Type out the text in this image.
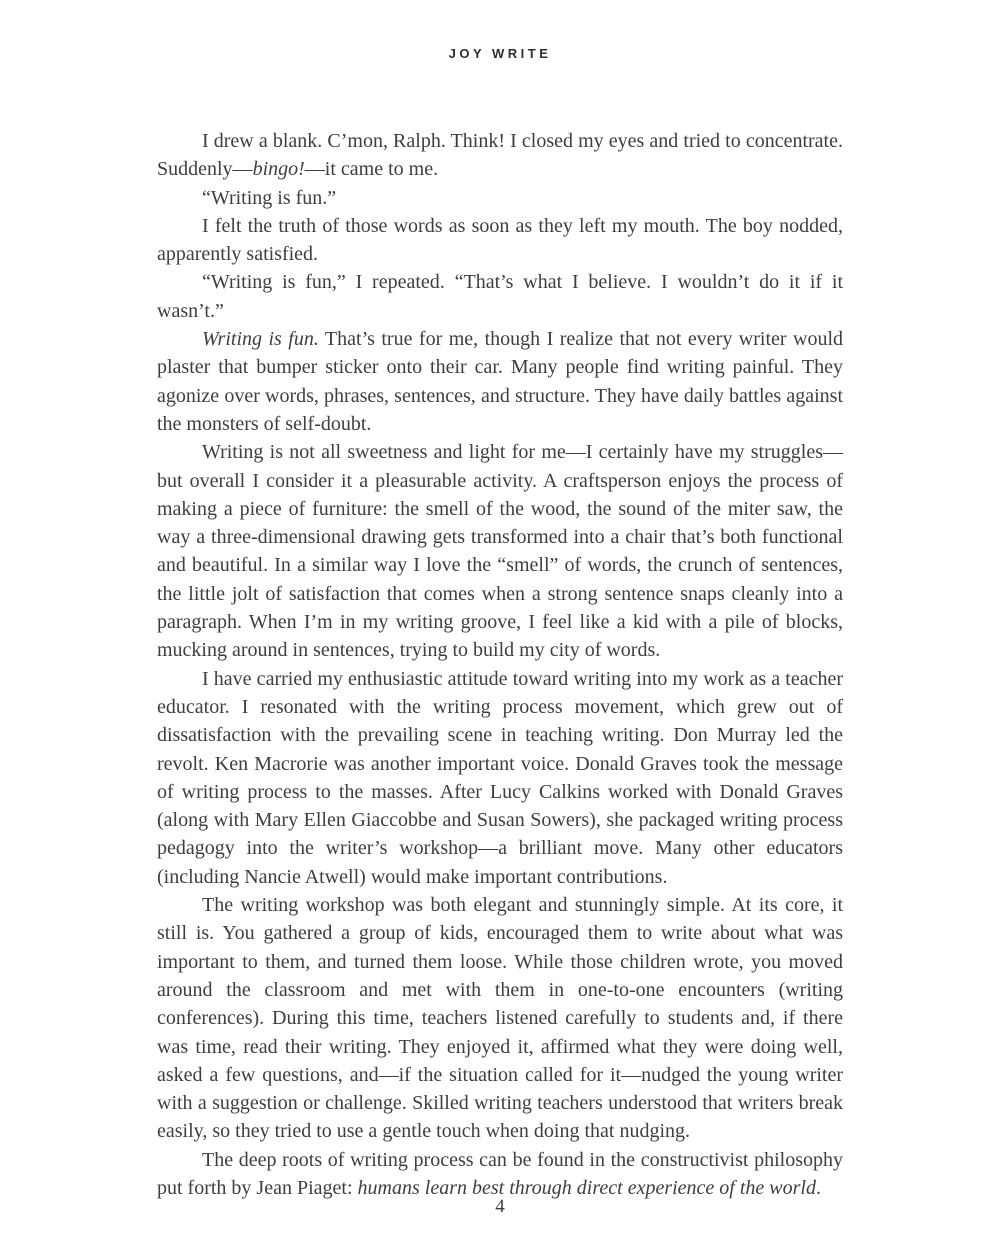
JOY WRITE

I drew a blank. C’mon, Ralph. Think! I closed my eyes and tried to concentrate. Suddenly—bingo!—it came to me.

“Writing is fun.”

I felt the truth of those words as soon as they left my mouth. The boy nodded, apparently satisfied.

“Writing is fun,” I repeated. “That’s what I believe. I wouldn’t do it if it wasn’t.”

Writing is fun. That’s true for me, though I realize that not every writer would plaster that bumper sticker onto their car. Many people find writing painful. They agonize over words, phrases, sentences, and structure. They have daily battles against the monsters of self-doubt.

Writing is not all sweetness and light for me—I certainly have my struggles—but overall I consider it a pleasurable activity. A craftsperson enjoys the process of making a piece of furniture: the smell of the wood, the sound of the miter saw, the way a three-dimensional drawing gets transformed into a chair that’s both functional and beautiful. In a similar way I love the “smell” of words, the crunch of sentences, the little jolt of satisfaction that comes when a strong sentence snaps cleanly into a paragraph. When I’m in my writing groove, I feel like a kid with a pile of blocks, mucking around in sentences, trying to build my city of words.

I have carried my enthusiastic attitude toward writing into my work as a teacher educator. I resonated with the writing process movement, which grew out of dissatisfaction with the prevailing scene in teaching writing. Don Murray led the revolt. Ken Macrorie was another important voice. Donald Graves took the message of writing process to the masses. After Lucy Calkins worked with Donald Graves (along with Mary Ellen Giaccobbe and Susan Sowers), she packaged writing process pedagogy into the writer’s workshop—a brilliant move. Many other educators (including Nancie Atwell) would make important contributions.

The writing workshop was both elegant and stunningly simple. At its core, it still is. You gathered a group of kids, encouraged them to write about what was important to them, and turned them loose. While those children wrote, you moved around the classroom and met with them in one-to-one encounters (writing conferences). During this time, teachers listened carefully to students and, if there was time, read their writing. They enjoyed it, affirmed what they were doing well, asked a few questions, and—if the situation called for it—nudged the young writer with a suggestion or challenge. Skilled writing teachers understood that writers break easily, so they tried to use a gentle touch when doing that nudging.

The deep roots of writing process can be found in the constructivist philosophy put forth by Jean Piaget: humans learn best through direct experience of the world.

4
